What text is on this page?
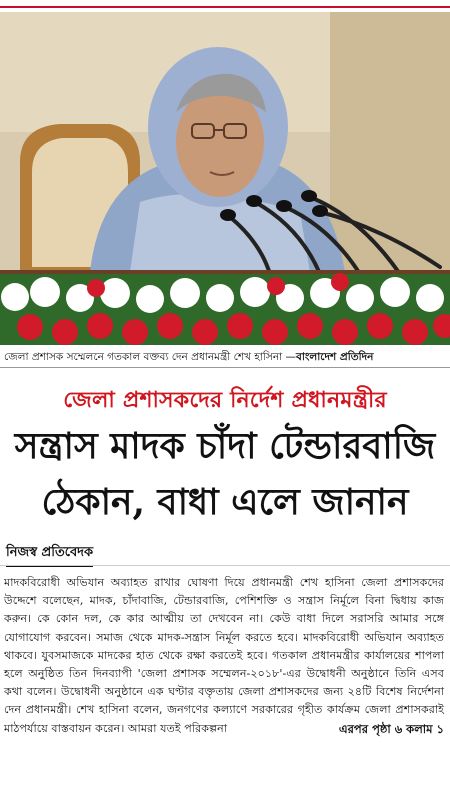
জেলা প্রশাসক সম্মেলনে গতকাল বক্তব্য দেন প্রধানমন্ত্রী শেখ হাসিনা —বাংলাদেশ প্রতিদিন
জেলা প্রশাসকদের নির্দেশ প্রধানমন্ত্রীর
সন্ত্রাস মাদক চাঁদা টেন্ডারবাজি
ঠেকান, বাধা এলে জানান
নিজস্ব প্রতিবেদক
মাদকবিরোধী অভিযান অব্যাহত রাখার ঘোষণা দিয়ে প্রধানমন্ত্রী শেখ হাসিনা জেলা প্রশাসকদের উদ্দেশে বলেছেন, মাদক, চাঁদাবাজি, টেন্ডারবাজি, পেশিশক্তি ও সন্ত্রাস নির্মূলে বিনা দ্বিধায় কাজ করুন। কে কোন দল, কে কার আত্মীয় তা দেখবেন না। কেউ বাধা দিলে সরাসরি আমার সঙ্গে যোগাযোগ করবেন। সমাজ থেকে মাদক-সন্ত্রাস নির্মূল করতে হবে। মাদকবিরোধী অভিযান অব্যাহত থাকবে। যুবসমাজকে মাদকের হাত থেকে রক্ষা করতেই হবে। গতকাল প্রধানমন্ত্রীর কার্যালয়ের শাপলা হলে অনুষ্ঠিত তিন দিনব্যাপী 'জেলা প্রশাসক সম্মেলন-২০১৮'-এর উদ্বোধনী অনুষ্ঠানে তিনি এসব কথা বলেন। উদ্বোধনী অনুষ্ঠানে এক ঘণ্টার বক্তৃতায় জেলা প্রশাসকদের জন্য ২৪টি বিশেষ নির্দেশনা দেন প্রধানমন্ত্রী। শেখ হাসিনা বলেন, জনগণের কল্যাণে সরকারের গৃহীত কার্যক্রম জেলা প্রশাসকরাই মাঠপর্যায়ে বাস্তবায়ন করেন। আমরা যতই পরিকল্পনা	এরপর পৃষ্ঠা ৬ কলাম ১
